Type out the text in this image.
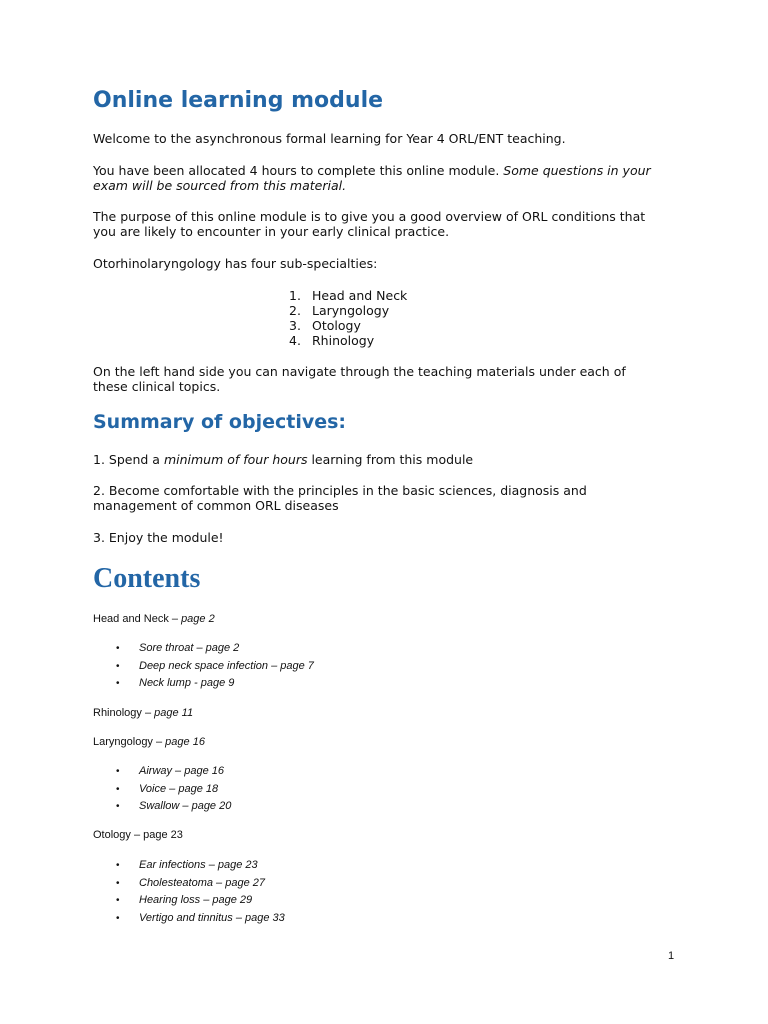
Online learning module

Welcome to the asynchronous formal learning for Year 4 ORL/ENT teaching.

You have been allocated 4 hours to complete this online module. Some questions in your
exam will be sourced from this material.

The purpose of this online module is to give you a good overview of ORL conditions that
you are likely to encounter in your early clinical practice.

Otorhinolaryngology has four sub-specialties:

1. Head and Neck
2. Laryngology
3. Otology
4. Rhinology

On the left hand side you can navigate through the teaching materials under each of
these clinical topics.

Summary of objectives:

1. Spend a minimum of four hours learning from this module

2. Become comfortable with the principles in the basic sciences, diagnosis and
management of common ORL diseases

3. Enjoy the module!

Contents

Head and Neck – page 2

•	Sore throat – page 2
•	Deep neck space infection – page 7
•	Neck lump - page 9

Rhinology – page 11

Laryngology – page 16

•	Airway – page 16
•	Voice – page 18
•	Swallow – page 20

Otology – page 23

•	Ear infections – page 23
•	Cholesteatoma – page 27
•	Hearing loss – page 29
•	Vertigo and tinnitus – page 33
1
